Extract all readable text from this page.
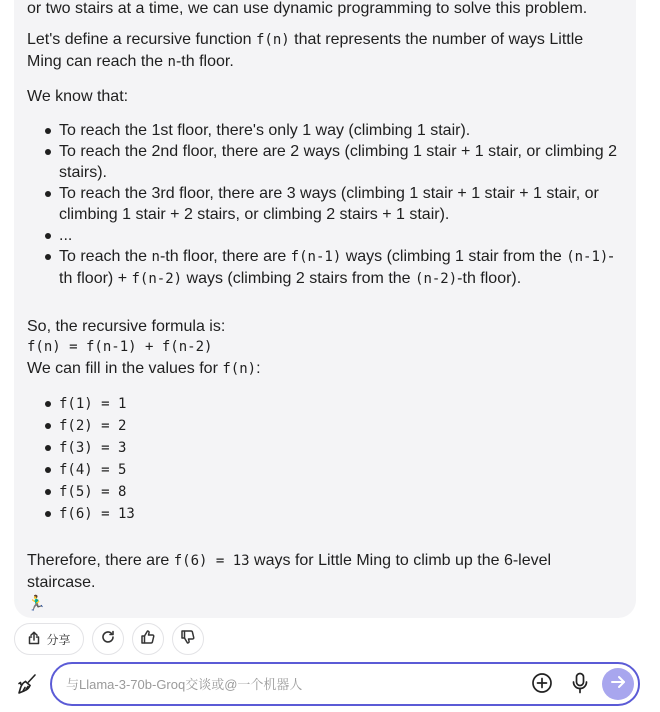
or two stairs at a time, we can use dynamic programming to solve this problem.

Let's define a recursive function f(n) that represents the number of ways Little Ming can reach the n-th floor.

We know that:

To reach the 1st floor, there's only 1 way (climbing 1 stair).
To reach the 2nd floor, there are 2 ways (climbing 1 stair + 1 stair, or climbing 2 stairs).
To reach the 3rd floor, there are 3 ways (climbing 1 stair + 1 stair + 1 stair, or climbing 1 stair + 2 stairs, or climbing 2 stairs + 1 stair).
...
To reach the n-th floor, there are f(n-1) ways (climbing 1 stair from the (n-1)-th floor) + f(n-2) ways (climbing 2 stairs from the (n-2)-th floor).

So, the recursive formula is:

f(n) = f(n-1) + f(n-2)

We can fill in the values for f(n):

f(1) = 1
f(2) = 2
f(3) = 3
f(4) = 5
f(5) = 8
f(6) = 13

Therefore, there are f(6) = 13 ways for Little Ming to climb up the 6-level staircase.

🏃‍♂️

分享
与Llama-3-70b-Groq交谈或@一个机器人
